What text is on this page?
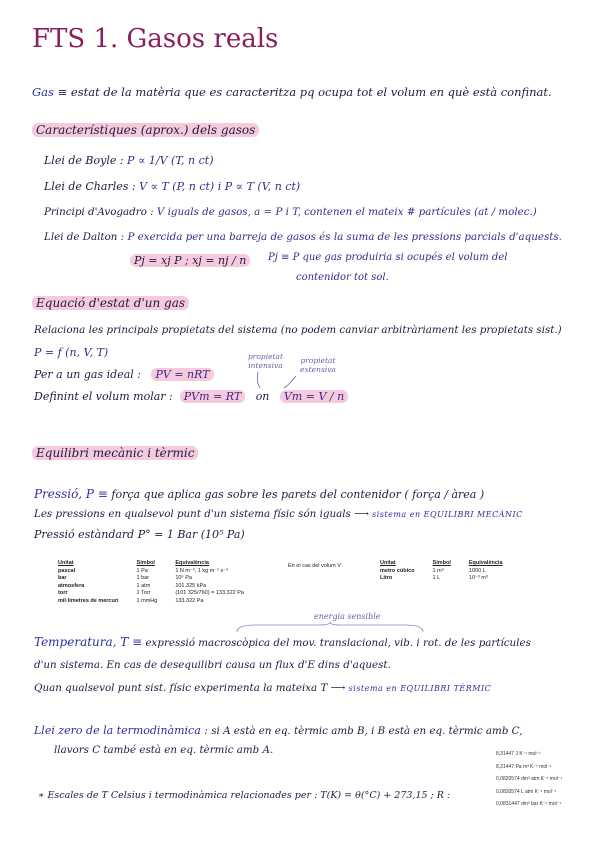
FTS 1. Gasos reals
Gas ≡ estat de la matèria que es caracteritza pq ocupa tot el volum en què està confinat.
Característiques (aprox.) dels gasos
Llei de Boyle : P ∝ 1/V (T, n ct)
Llei de Charles : V ∝ T (P, n ct) i P ∝ T (V, n ct)
Principi d'Avogadro : V iguals de gasos, a = P i T, contenen el mateix # partícules (at / molec.)
Llei de Dalton : P exercida per una barreja de gasos és la suma de les pressions parcials d'aquests.
Pj = xj P ; xj = nj / n	Pj ≡ P que gas produiria si ocupés el volum del
contenidor tot sol.
Equació d'estat d'un gas
Relaciona les principals propietats del sistema (no podem canviar arbitràriament les propietats sist.)
P = f (n, V, T)
Per a un gas ideal : PV = nRT
Definint el volum molar : PVm = RT on Vm = V / n
propietat
intensiva
propietat
extensiva
Equilibri mecànic i tèrmic
Pressió, P ≡ força que aplica gas sobre les parets del contenidor ( força / àrea )
Les pressions en qualsevol punt d'un sistema físic són iguals ⟶ sistema en EQUILIBRI MECÀNIC
Pressió estàndard P° = 1 Bar (10⁵ Pa)
Unitat	Símbol	Equivalència
pascal	1 Pa	1 N m⁻², 1 kg m⁻¹ s⁻²
bar	1 bar	10⁵ Pa
atmosfera	1 atm	101.325 kPa
torr	1 Torr	(101 325/760) = 133.322 Pa
mil·límetres de mercuri	1 mmHg	133.322 Pa
En el cas del volum V	Unitat	Símbol	Equivalència
metro cúbico	1 m³	1000 L
Litro	1 L	10⁻³ m³
energia sensible
Temperatura, T ≡ expressió macroscòpica del mov. translacional, vib. i rot. de les partícules
d'un sistema. En cas de desequilibri causa un flux d'E dins d'aquest.
Quan qualsevol punt sist. físic experimenta la mateixa T ⟶ sistema en EQUILIBRI TÈRMIC
Llei zero de la termodinàmica : si A està en eq. tèrmic amb B, i B està en eq. tèrmic amb C,
llavors C també està en eq. tèrmic amb A.
∗ Escales de T Celsius i termodinàmica relacionades per : T(K) = θ(°C) + 273,15 ; R :
8,31447 J K⁻¹ mol⁻¹
8,31447 Pa m³ K⁻¹ mol⁻¹
0,0820574 dm³ atm K⁻¹ mol⁻¹
0,0820574 L atm K⁻¹ mol⁻¹
0,0831447 dm³ bar K⁻¹ mol⁻¹
